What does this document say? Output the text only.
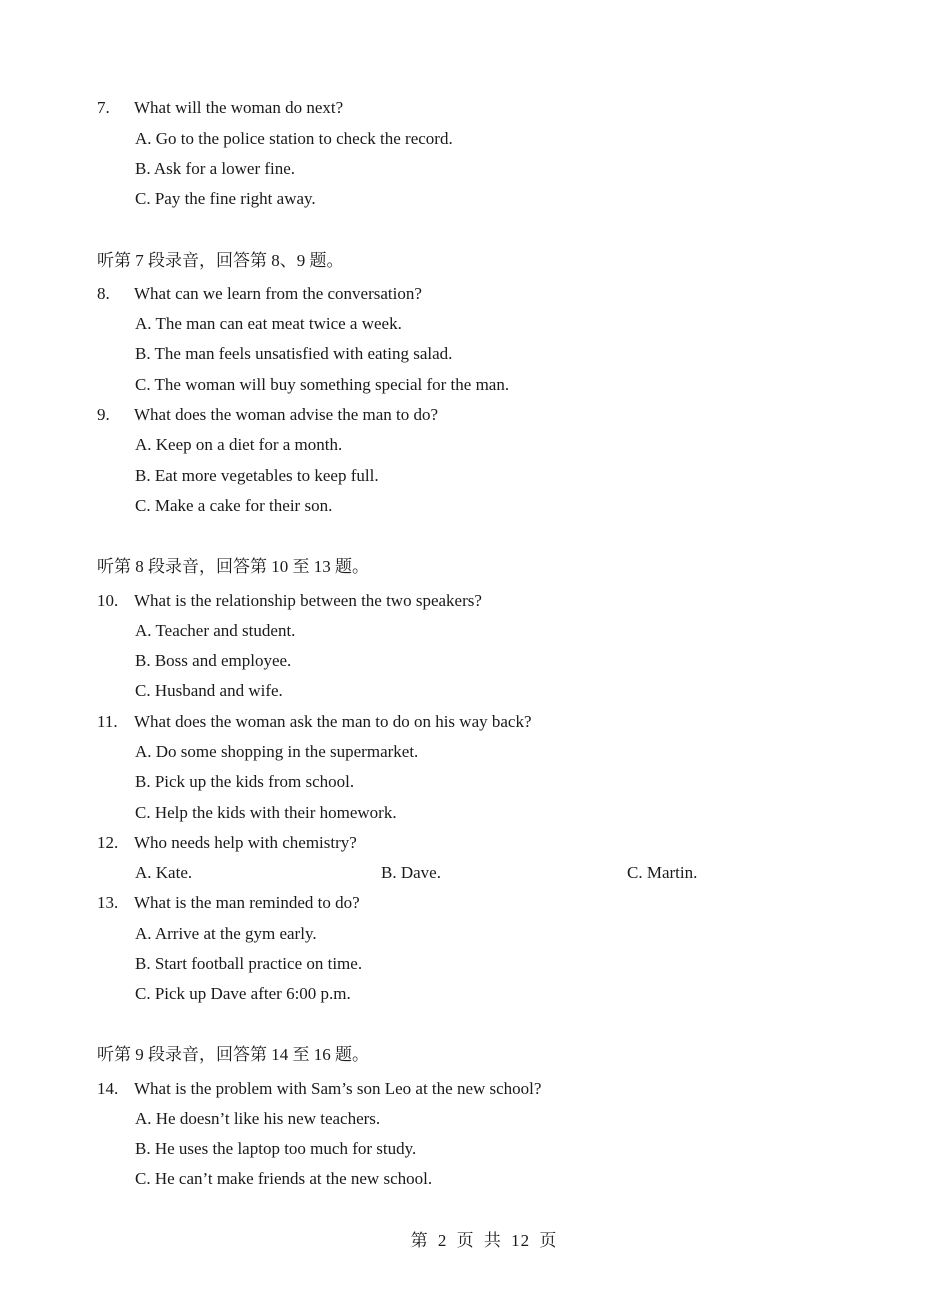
7. What will the woman do next?
A. Go to the police station to check the record.
B. Ask for a lower fine.
C. Pay the fine right away.
听第 7 段录音，回答第 8、9 题。
8. What can we learn from the conversation?
A. The man can eat meat twice a week.
B. The man feels unsatisfied with eating salad.
C. The woman will buy something special for the man.
9. What does the woman advise the man to do?
A. Keep on a diet for a month.
B. Eat more vegetables to keep full.
C. Make a cake for their son.
听第 8 段录音，回答第 10 至 13 题。
10. What is the relationship between the two speakers?
A. Teacher and student.
B. Boss and employee.
C. Husband and wife.
11. What does the woman ask the man to do on his way back?
A. Do some shopping in the supermarket.
B. Pick up the kids from school.
C. Help the kids with their homework.
12. Who needs help with chemistry?
A. Kate.	B. Dave.	C. Martin.
13. What is the man reminded to do?
A. Arrive at the gym early.
B. Start football practice on time.
C. Pick up Dave after 6:00 p.m.
听第 9 段录音，回答第 14 至 16 题。
14. What is the problem with Sam’s son Leo at the new school?
A. He doesn’t like his new teachers.
B. He uses the laptop too much for study.
C. He can’t make friends at the new school.
第 2 页 共 12 页
